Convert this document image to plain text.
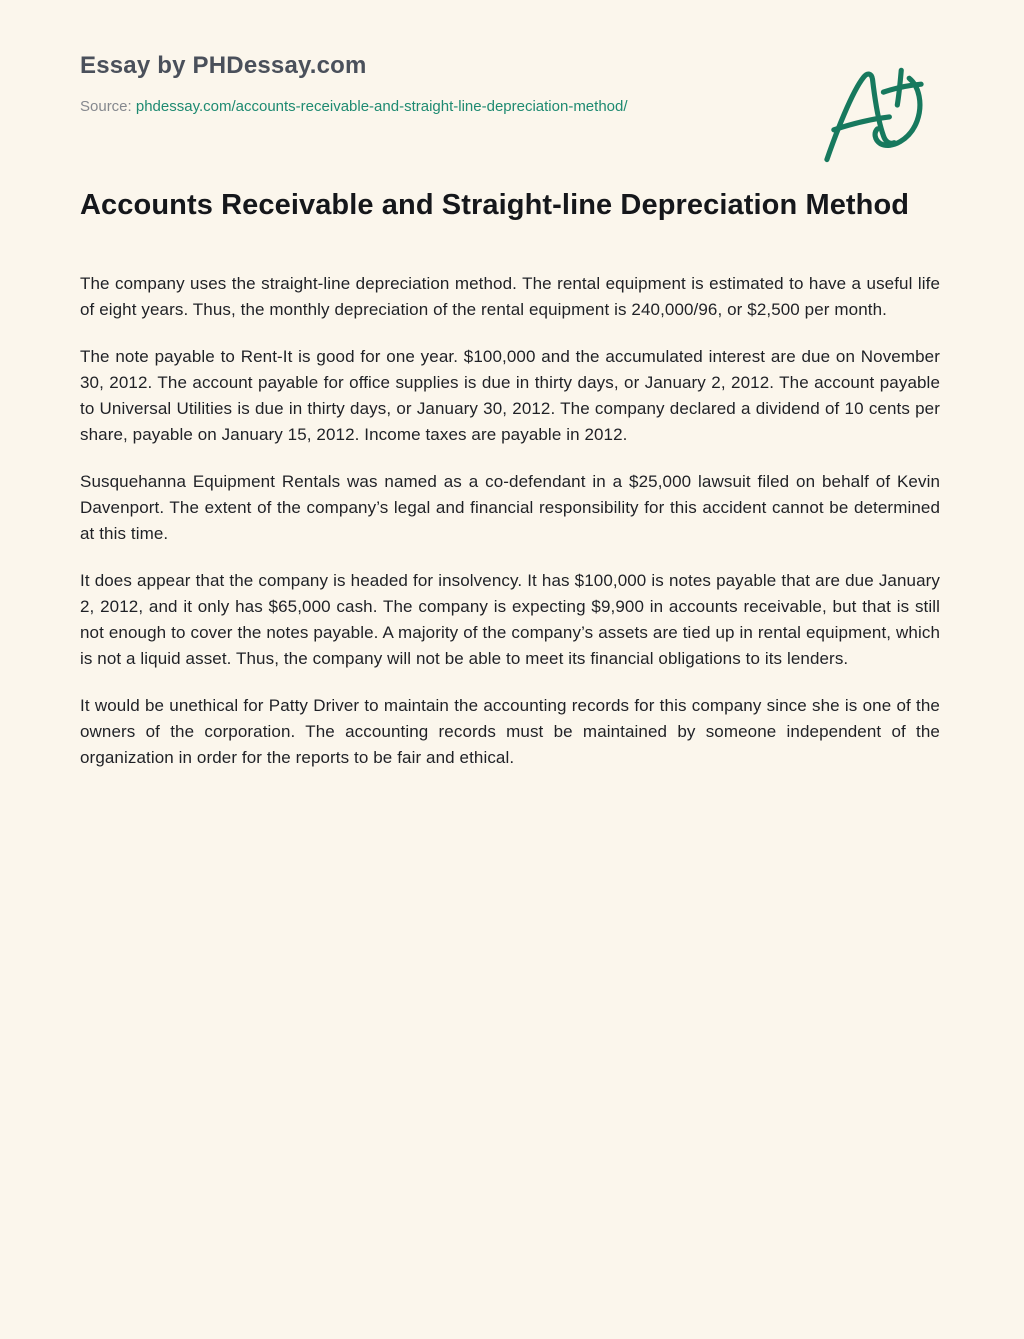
Essay by PHDessay.com

Source: phdessay.com/accounts-receivable-and-straight-line-depreciation-method/

Accounts Receivable and Straight-line Depreciation Method

The company uses the straight-line depreciation method. The rental equipment is estimated to have a useful life of eight years. Thus, the monthly depreciation of the rental equipment is 240,000/96, or $2,500 per month.

The note payable to Rent-It is good for one year. $100,000 and the accumulated interest are due on November 30, 2012. The account payable for office supplies is due in thirty days, or January 2, 2012. The account payable to Universal Utilities is due in thirty days, or January 30, 2012. The company declared a dividend of 10 cents per share, payable on January 15, 2012. Income taxes are payable in 2012.

Susquehanna Equipment Rentals was named as a co-defendant in a $25,000 lawsuit filed on behalf of Kevin Davenport. The extent of the company’s legal and financial responsibility for this accident cannot be determined at this time.

It does appear that the company is headed for insolvency. It has $100,000 is notes payable that are due January 2, 2012, and it only has $65,000 cash. The company is expecting $9,900 in accounts receivable, but that is still not enough to cover the notes payable. A majority of the company’s assets are tied up in rental equipment, which is not a liquid asset. Thus, the company will not be able to meet its financial obligations to its lenders.

It would be unethical for Patty Driver to maintain the accounting records for this company since she is one of the owners of the corporation. The accounting records must be maintained by someone independent of the organization in order for the reports to be fair and ethical.
